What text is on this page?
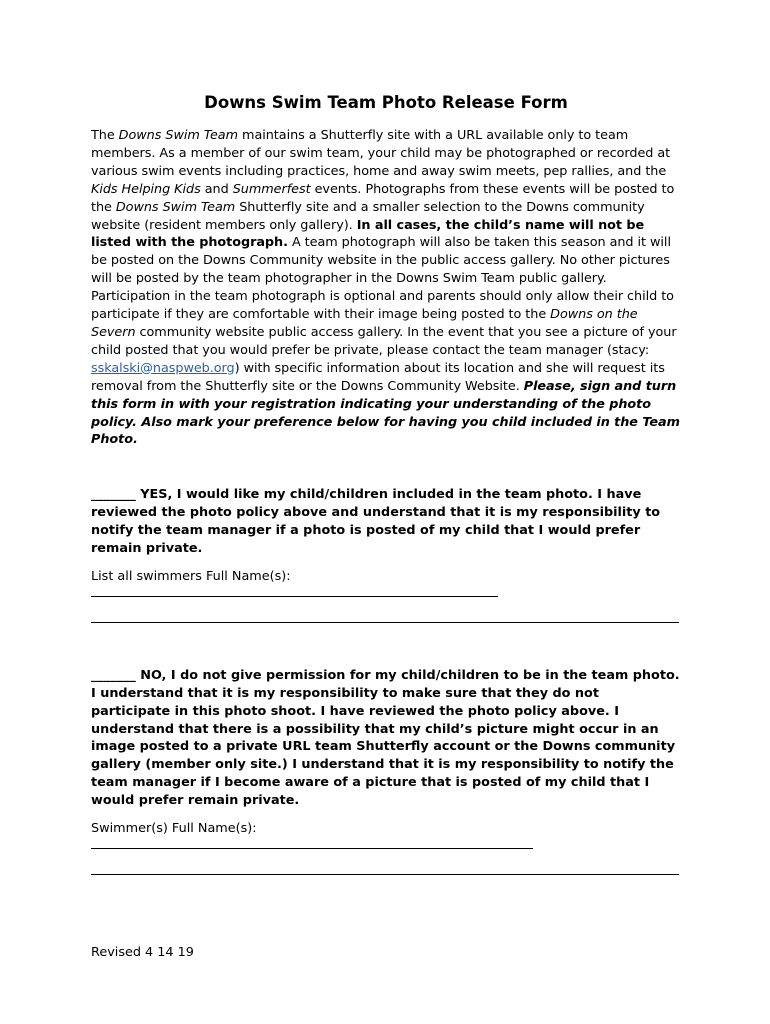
Downs Swim Team Photo Release Form

The Downs Swim Team maintains a Shutterfly site with a URL available only to team members. As a member of our swim team, your child may be photographed or recorded at various swim events including practices, home and away swim meets, pep rallies, and the Kids Helping Kids and Summerfest events. Photographs from these events will be posted to the Downs Swim Team Shutterfly site and a smaller selection to the Downs community website (resident members only gallery). In all cases, the child’s name will not be listed with the photograph. A team photograph will also be taken this season and it will be posted on the Downs Community website in the public access gallery. No other pictures will be posted by the team photographer in the Downs Swim Team public gallery. Participation in the team photograph is optional and parents should only allow their child to participate if they are comfortable with their image being posted to the Downs on the Severn community website public access gallery. In the event that you see a picture of your child posted that you would prefer be private, please contact the team manager (stacy: sskalski@naspweb.org) with specific information about its location and she will request its removal from the Shutterfly site or the Downs Community Website. Please, sign and turn this form in with your registration indicating your understanding of the photo policy. Also mark your preference below for having you child included in the Team Photo.

_______ YES, I would like my child/children included in the team photo. I have reviewed the photo policy above and understand that it is my responsibility to notify the team manager if a photo is posted of my child that I would prefer remain private.

List all swimmers Full Name(s):

_______ NO, I do not give permission for my child/children to be in the team photo. I understand that it is my responsibility to make sure that they do not participate in this photo shoot. I have reviewed the photo policy above. I understand that there is a possibility that my child’s picture might occur in an image posted to a private URL team Shutterfly account or the Downs community gallery (member only site.) I understand that it is my responsibility to notify the team manager if I become aware of a picture that is posted of my child that I would prefer remain private.

Swimmer(s) Full Name(s):

Revised 4 14 19
